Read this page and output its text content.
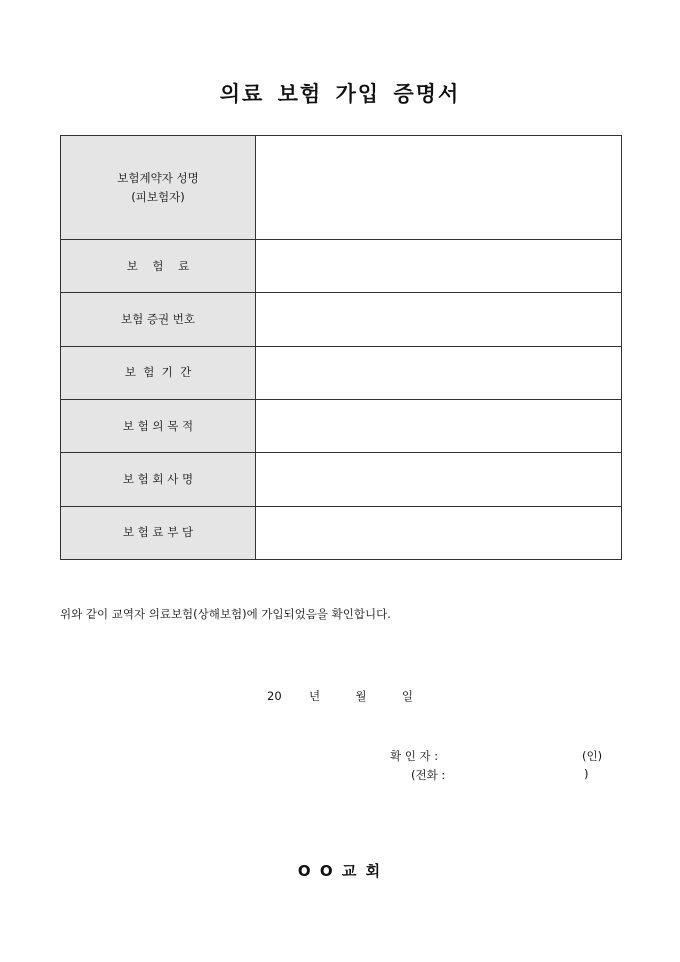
의료 보험 가입 증명서
보험계약자 성명
(피보험자)	

보    험    료	
보험 증권 번호	
보  험  기  간	
보 험 의 목 적	
보 험 회 사 명	
보 험 료 부 담	
위와 같이 교역자 의료보험(상해보험)에 가입되었음을 확인합니다.
20 년	월	일
확 인 자 :	(인)
(전화 :	)
O O 교 회
